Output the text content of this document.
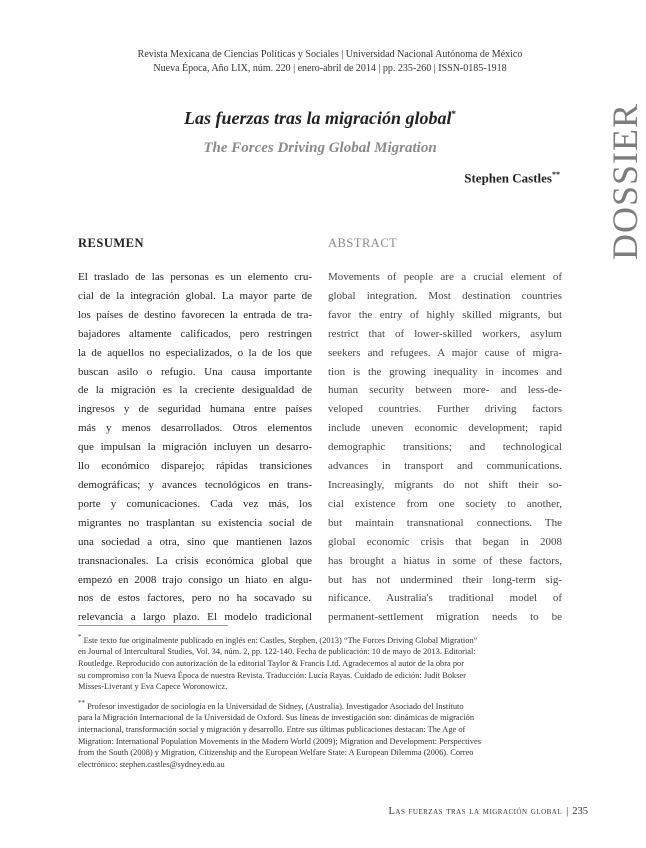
Revista Mexicana de Ciencias Políticas y Sociales | Universidad Nacional Autónoma de México
Nueva Época, Año LIX, núm. 220 | enero-abril de 2014 | pp. 235-260 | ISSN-0185-1918
Las fuerzas tras la migración global*
The Forces Driving Global Migration
Stephen Castles** DOSSIER
RESUMEN	ABSTRACT
El traslado de las personas es un elemento cru-
cial de la integración global. La mayor parte de
los países de destino favorecen la entrada de tra-
bajadores altamente calificados, pero restringen
la de aquellos no especializados, o la de los que
buscan asilo o refugio. Una causa importante
de la migración es la creciente desigualdad de
ingresos y de seguridad humana entre países
más y menos desarrollados. Otros elementos
que impulsan la migración incluyen un desarro-
llo económico disparejo; rápidas transiciones
demográficas; y avances tecnológicos en trans-
porte y comunicaciones. Cada vez más, los
migrantes no trasplantan su existencia social de
una sociedad a otra, sino que mantienen lazos
transnacionales. La crisis económica global que
empezó en 2008 trajo consigo un hiato en algu-
nos de estos factores, pero no ha socavado su
relevancia a largo plazo. El modelo tradicional
Movements of people are a crucial element of
global integration. Most destination countries
favor the entry of highly skilled migrants, but
restrict that of lower-skilled workers, asylum
seekers and refugees. A major cause of migra-
tion is the growing inequality in incomes and
human security between more- and less-de-
veloped countries. Further driving factors
include uneven economic development; rapid
demographic transitions; and technological
advances in transport and communications.
Increasingly, migrants do not shift their so-
cial existence from one society to another,
but maintain transnational connections. The
global economic crisis that began in 2008
has brought a hiatus in some of these factors,
but has not undermined their long-term sig-
nificance. Australia's traditional model of
permanent-settlement migration needs to be
* Este texto fue originalmente publicado en inglés en: Castles, Stephen, (2013) “The Forces Driving Global Migration”
en Journal of Intercultural Studies, Vol. 34, núm. 2, pp. 122-140. Fecha de publicación: 10 de mayo de 2013. Editorial:
Routledge. Reproducido con autorización de la editorial Taylor & Francis Ltd. Agradecemos al autor de la obra por
su compromiso con la Nueva Época de nuestra Revista. Traducción: Lucía Rayas. Cuidado de edición: Judit Bokser
Misses-Liverant y Eva Capece Woronowicz.
** Profesor investigador de sociología en la Universidad de Sidney, (Australia). Investigador Asociado del Instituto
para la Migración Internacional de la Universidad de Oxford. Sus líneas de investigación son: dinámicas de migración
internacional, transformación social y migración y desarrollo. Entre sus últimas publicaciones destacan: The Age of
Migration: International Population Movements in the Modern World (2009); Migration and Development: Perspectives
from the South (2008) y Migration, Citizenship and the European Welfare State: A European Dilemma (2006). Correo
electrónico: stephen.castles@sydney.edu.au
Las fuerzas tras la migración global | 235
